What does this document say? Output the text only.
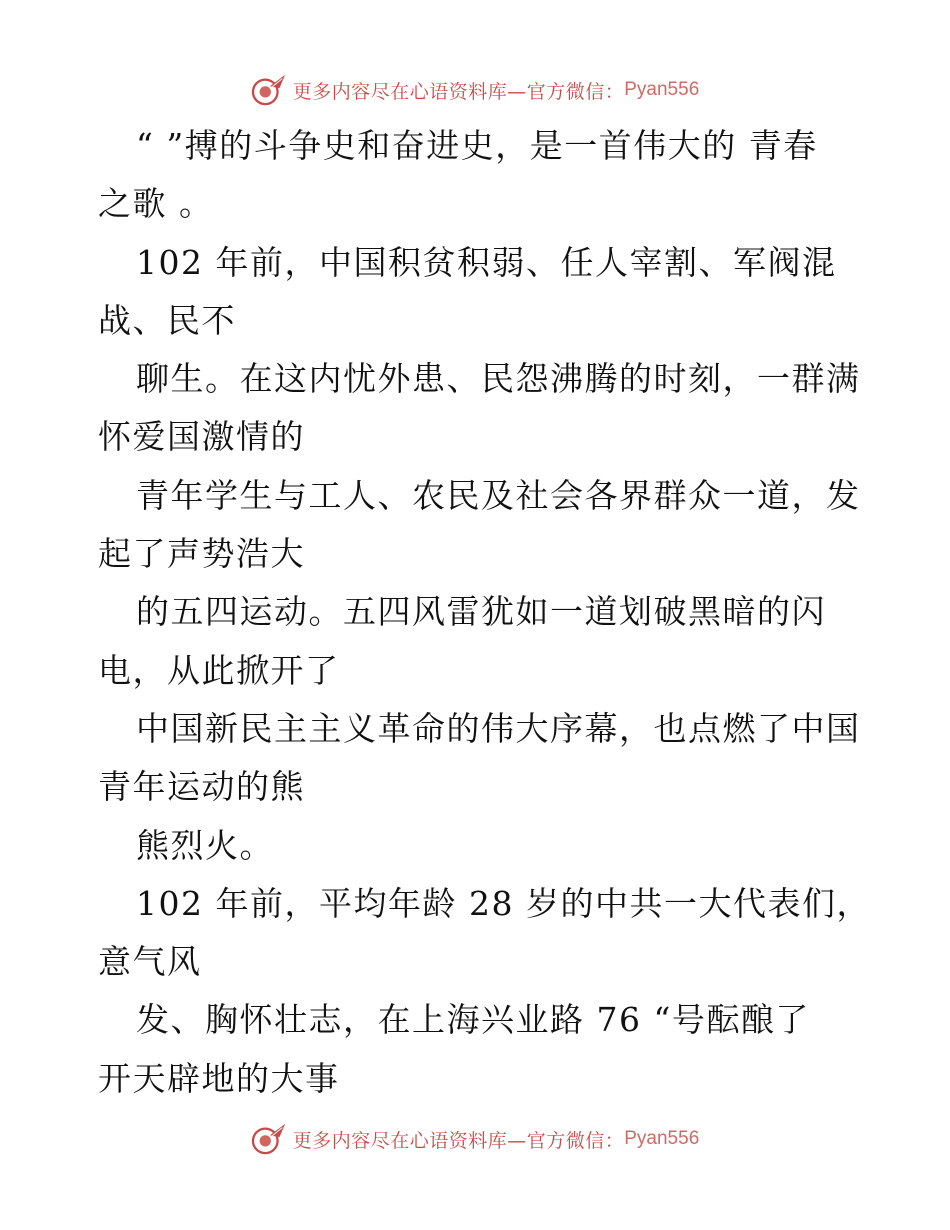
更多内容尽在心语资料库—官方微信： Pyan556
“ ”搏的斗争史和奋进史，是一首伟大的 青春
之歌 。
102 年前，中国积贫积弱、任人宰割、军阀混
战、民不
聊生。在这内忧外患、民怨沸腾的时刻，一群满
怀爱国激情的
青年学生与工人、农民及社会各界群众一道，发
起了声势浩大
的五四运动。五四风雷犹如一道划破黑暗的闪
电，从此掀开了
中国新民主主义革命的伟大序幕，也点燃了中国
青年运动的熊
熊烈火。
102 年前，平均年龄 28 岁的中共一大代表们，
意气风
发、胸怀壮志，在上海兴业路 76 “号酝酿了
开天辟地的大事
更多内容尽在心语资料库—官方微信： Pyan556
